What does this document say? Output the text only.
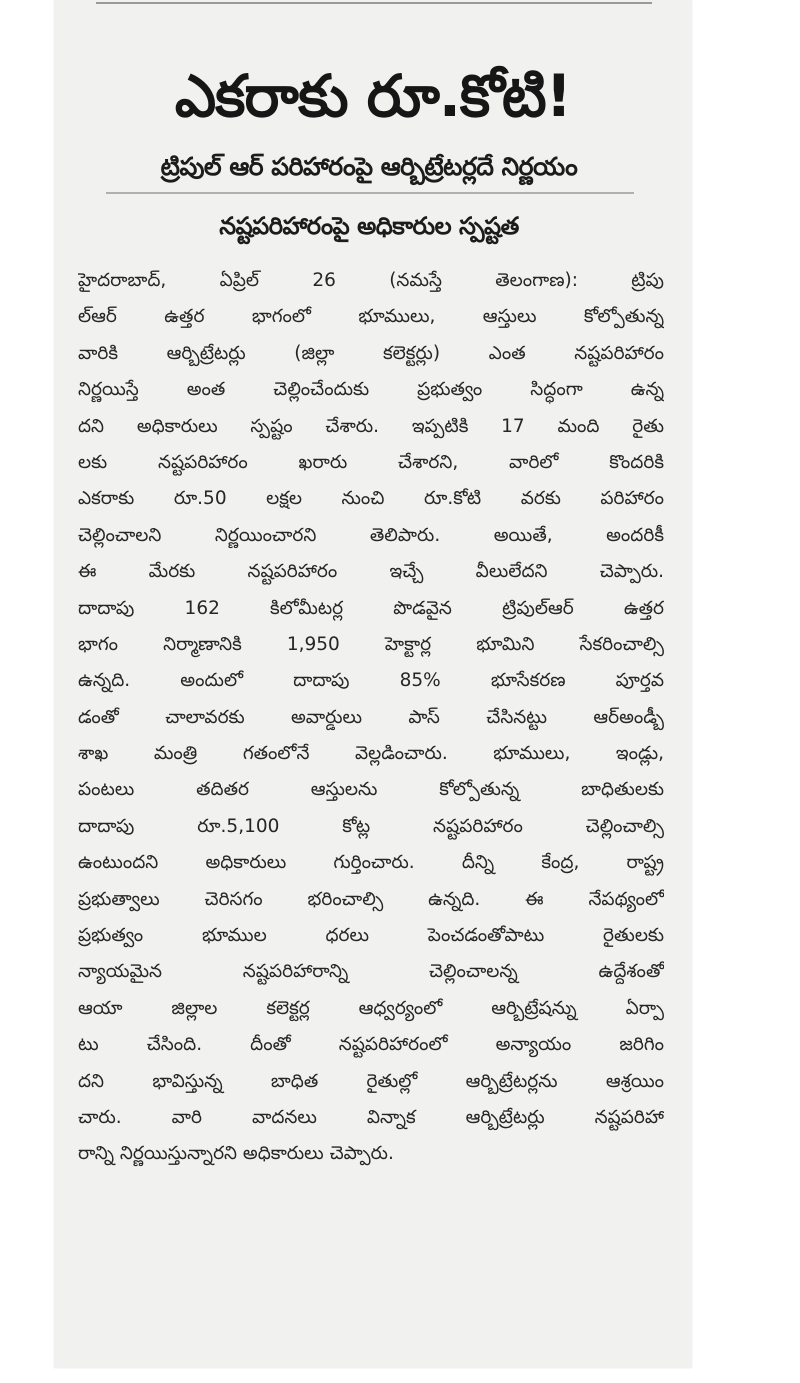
ఎకరాకు రూ.కోటి!
ట్రిపుల్ ఆర్ పరిహారంపై ఆర్బిట్రేటర్లదే నిర్ణయం
నష్టపరిహారంపై అధికారుల స్పష్టత
హైదరాబాద్, ఏప్రిల్ 26 (నమస్తే తెలంగాణ): ట్రిపు
ల్ఆర్ ఉత్తర భాగంలో భూములు, ఆస్తులు కోల్పోతున్న
వారికి ఆర్బిట్రేటర్లు (జిల్లా కలెక్టర్లు) ఎంత నష్టపరిహారం
నిర్ణయిస్తే అంత చెల్లించేందుకు ప్రభుత్వం సిద్ధంగా ఉన్న
దని అధికారులు స్పష్టం చేశారు. ఇప్పటికి 17 మంది రైతు
లకు నష్టపరిహారం ఖరారు చేశారని, వారిలో కొందరికి
ఎకరాకు రూ.50 లక్షల నుంచి రూ.కోటి వరకు పరిహారం
చెల్లించాలని నిర్ణయించారని తెలిపారు. అయితే, అందరికీ
ఈ మేరకు నష్టపరిహారం ఇచ్చే వీలులేదని చెప్పారు.
దాదాపు 162 కిలోమీటర్ల పొడవైన ట్రిపుల్ఆర్ ఉత్తర
భాగం నిర్మాణానికి 1,950 హెక్టార్ల భూమిని సేకరించాల్సి
ఉన్నది. అందులో దాదాపు 85% భూసేకరణ పూర్తవ
డంతో చాలావరకు అవార్డులు పాస్ చేసినట్టు ఆర్అండ్బీ
శాఖ మంత్రి గతంలోనే వెల్లడించారు. భూములు, ఇండ్లు,
పంటలు తదితర ఆస్తులను కోల్పోతున్న బాధితులకు
దాదాపు రూ.5,100 కోట్ల నష్టపరిహారం చెల్లించాల్సి
ఉంటుందని అధికారులు గుర్తించారు. దీన్ని కేంద్ర, రాష్ట్ర
ప్రభుత్వాలు చెరిసగం భరించాల్సి ఉన్నది. ఈ నేపథ్యంలో
ప్రభుత్వం భూముల ధరలు పెంచడంతోపాటు రైతులకు
న్యాయమైన నష్టపరిహారాన్ని చెల్లించాలన్న ఉద్దేశంతో
ఆయా జిల్లాల కలెక్టర్ల ఆధ్వర్యంలో ఆర్బిట్రేషన్ను ఏర్పా
టు చేసింది. దీంతో నష్టపరిహారంలో అన్యాయం జరిగిం
దని భావిస్తున్న బాధిత రైతుల్లో ఆర్బిట్రేటర్లను ఆశ్రయిం
చారు. వారి వాదనలు విన్నాక ఆర్బిట్రేటర్లు నష్టపరిహా
రాన్ని నిర్ణయిస్తున్నారని అధికారులు చెప్పారు.
